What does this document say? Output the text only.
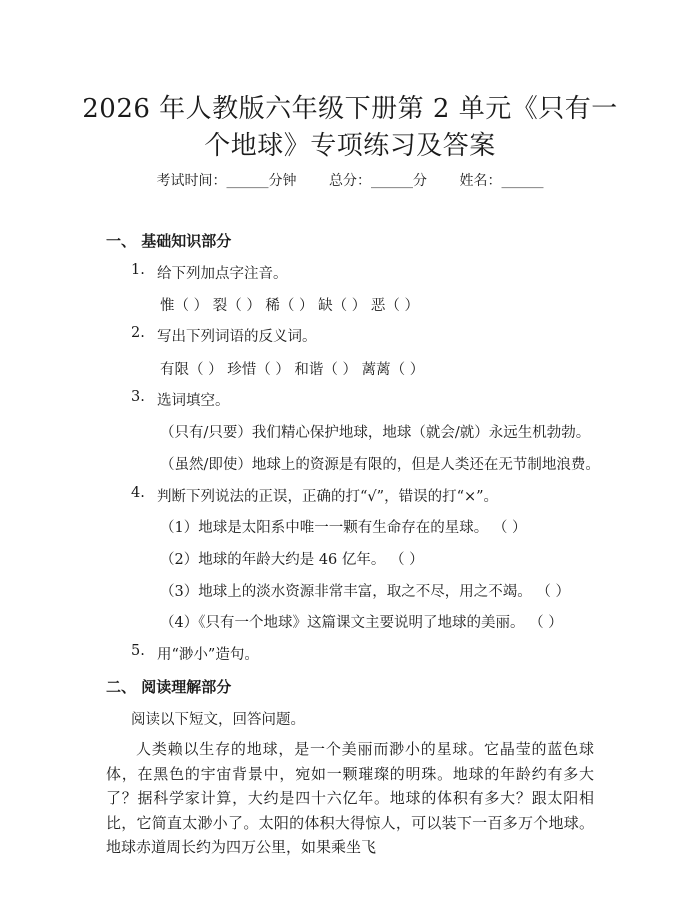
2026 年人教版六年级下册第 2 单元《只有一
个地球》专项练习及答案
考试时间：______分钟 总分：______分 姓名：______
一、 基础知识部分
1. 给下列加点字注音。
惟（ ） 裂（ ） 稀（ ） 缺（ ） 恶（ ）
2. 写出下列词语的反义词。
有限（ ） 珍惜（ ） 和谐（ ） 蓠蓠（ ）
3. 选词填空。
（只有/只要）我们精心保护地球，地球（就会/就）永远生机勃勃。
（虽然/即使）地球上的资源是有限的，但是人类还在无节制地浪费。
4. 判断下列说法的正误，正确的打“√”，错误的打“×”。
（1）地球是太阳系中唯一一颗有生命存在的星球。 （ ）
（2）地球的年龄大约是 46 亿年。 （ ）
（3）地球上的淡水资源非常丰富，取之不尽，用之不竭。 （ ）
（4）《只有一个地球》这篇课文主要说明了地球的美丽。 （ ）
5. 用“渺小”造句。
二、 阅读理解部分
阅读以下短文，回答问题。
人类赖以生存的地球，是一个美丽而渺小的星球。它晶莹的蓝色球体，在黑色的宇宙背景中，宛如一颗璀璨的明珠。地球的年龄约有多大了？据科学家计算，大约是四十六亿年。地球的体积有多大？跟太阳相比，它简直太渺小了。太阳的体积大得惊人，可以装下一百多万个地球。地球赤道周长约为四万公里，如果乘坐飞
